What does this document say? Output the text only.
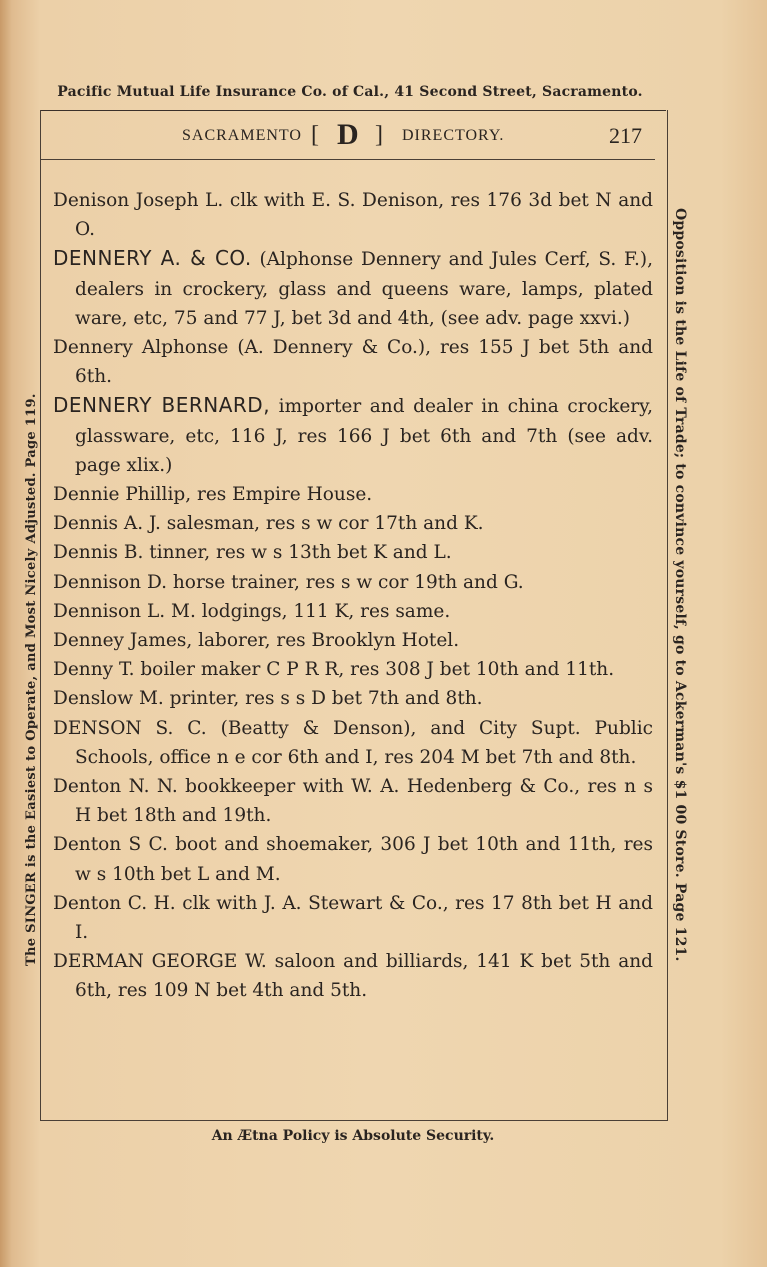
Pacific Mutual Life Insurance Co. of Cal., 41 Second Street, Sacramento.
SACRAMENTO [ D ] DIRECTORY.	217

Denison Joseph L. clk with E. S. Denison, res 176 3d bet N and O.

DENNERY A. & CO. (Alphonse Dennery and Jules Cerf, S. F.), dealers in crockery, glass and queens ware, lamps, plated ware, etc, 75 and 77 J, bet 3d and 4th, (see adv. page xxvi.)

Dennery Alphonse (A. Dennery & Co.), res 155 J bet 5th and 6th.

DENNERY BERNARD, importer and dealer in china crockery, glassware, etc, 116 J, res 166 J bet 6th and 7th (see adv. page xlix.)

Dennie Phillip, res Empire House.

Dennis A. J. salesman, res s w cor 17th and K.

Dennis B. tinner, res w s 13th bet K and L.

Dennison D. horse trainer, res s w cor 19th and G.

Dennison L. M. lodgings, 111 K, res same.

Denney James, laborer, res Brooklyn Hotel.

Denny T. boiler maker C P R R, res 308 J bet 10th and 11th.

Denslow M. printer, res s s D bet 7th and 8th.

DENSON S. C. (Beatty & Denson), and City Supt. Public Schools, office n e cor 6th and I, res 204 M bet 7th and 8th.

Denton N. N. bookkeeper with W. A. Hedenberg & Co., res n s H bet 18th and 19th.

Denton S C. boot and shoemaker, 306 J bet 10th and 11th, res w s 10th bet L and M.

Denton C. H. clk with J. A. Stewart & Co., res 17 8th bet H and I.

DERMAN GEORGE W. saloon and billiards, 141 K bet 5th and 6th, res 109 N bet 4th and 5th.

An Ætna Policy is Absolute Security.
The SINGER is the Easiest to Operate, and Most Nicely Adjusted. Page 119.	Opposition is the Life of Trade; to convince yourself, go to Ackerman's $1 00 Store. Page 121.
